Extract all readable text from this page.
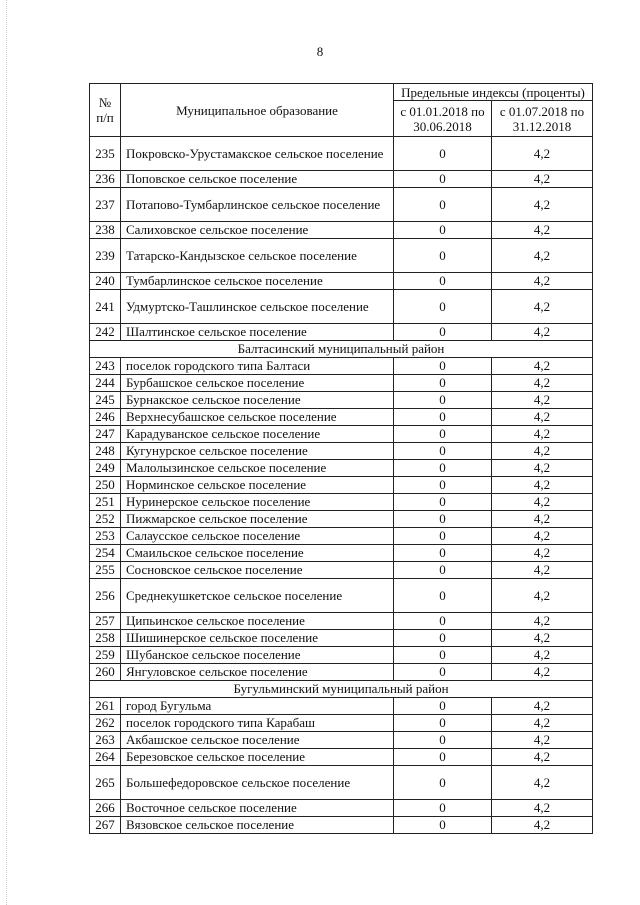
8
№ п/п	Муниципальное образование	Предельные индексы (проценты)	
		с 01.01.2018 по 30.06.2018	с 01.07.2018 по 31.12.2018
235	Покровско-Урустамакское сельское поселение	0	4,2
236	Поповское сельское поселение	0	4,2
237	Потапово-Тумбарлинское сельское поселение	0	4,2
238	Салиховское сельское поселение	0	4,2
239	Татарско-Кандызское сельское поселение	0	4,2
240	Тумбарлинское сельское поселение	0	4,2
241	Удмуртско-Ташлинское сельское поселение	0	4,2
242	Шалтинское сельское поселение	0	4,2
Балтасинский муниципальный район			
243	поселок городского типа Балтаси	0	4,2
244	Бурбашское сельское поселение	0	4,2
245	Бурнакское сельское поселение	0	4,2
246	Верхнесубашское сельское поселение	0	4,2
247	Карадуванское сельское поселение	0	4,2
248	Кугунурское сельское поселение	0	4,2
249	Малолызинское сельское поселение	0	4,2
250	Норминское сельское поселение	0	4,2
251	Нуринерское сельское поселение	0	4,2
252	Пижмарское сельское поселение	0	4,2
253	Салаусское сельское поселение	0	4,2
254	Смаильское сельское поселение	0	4,2
255	Сосновское сельское поселение	0	4,2
256	Среднекушкетское сельское поселение	0	4,2
257	Ципьинское сельское поселение	0	4,2
258	Шишинерское сельское поселение	0	4,2
259	Шубанское сельское поселение	0	4,2
260	Янгуловское сельское поселение	0	4,2
Бугульминский муниципальный район			
261	город Бугульма	0	4,2
262	поселок городского типа Карабаш	0	4,2
263	Акбашское сельское поселение	0	4,2
264	Березовское сельское поселение	0	4,2
265	Большефедоровское сельское поселение	0	4,2
266	Восточное сельское поселение	0	4,2
267	Вязовское сельское поселение	0	4,2
